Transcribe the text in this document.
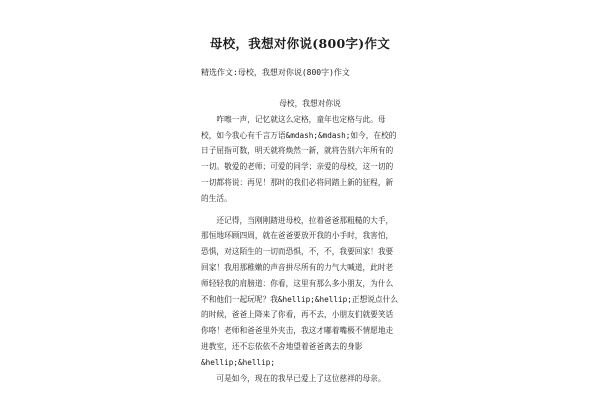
母校，我想对你说(800字)作文
精选作文:母校，我想对你说(800字)作文
母校，我想对你说

咋嚓一声，记忆就这么定格，童年也定格与此。母校，如今我心有千言万语&mdash;&mdash;如今，在校的日子屈指可数，明天就将焕然一新，就将告别六年所有的一切。敬爱的老师；可爱的同学；亲爱的母校，这一切的一切都将说：再见！那时的我们必将同踏上新的征程，新的生活。

还记得，当刚刚踏进母校，拉着爸爸那粗糙的大手，那恒地环顾四周，就在爸爸要放开我的小手时，我害怕，恐惧，对这陌生的一切而恐惧，不，不，我要回家！我要回家！我用那稚嫩的声音拼尽所有的力气大喊道，此时老师轻轻我的肩膀道：你看，这里有那么多小朋友，为什么不和他们一起玩呢？我&hellip;&hellip;正想说点什么的时候，爸爸上降来了你看，再不去，小朋友们就要笑话你咯！老师和爸爸里外夹击，我这才嘟着嘴极不情愿地走进教室，还不忘依依不舍地望着爸爸离去的身影

&hellip;&hellip;

可是如今，现在的我早已爱上了这位慈祥的母亲。
